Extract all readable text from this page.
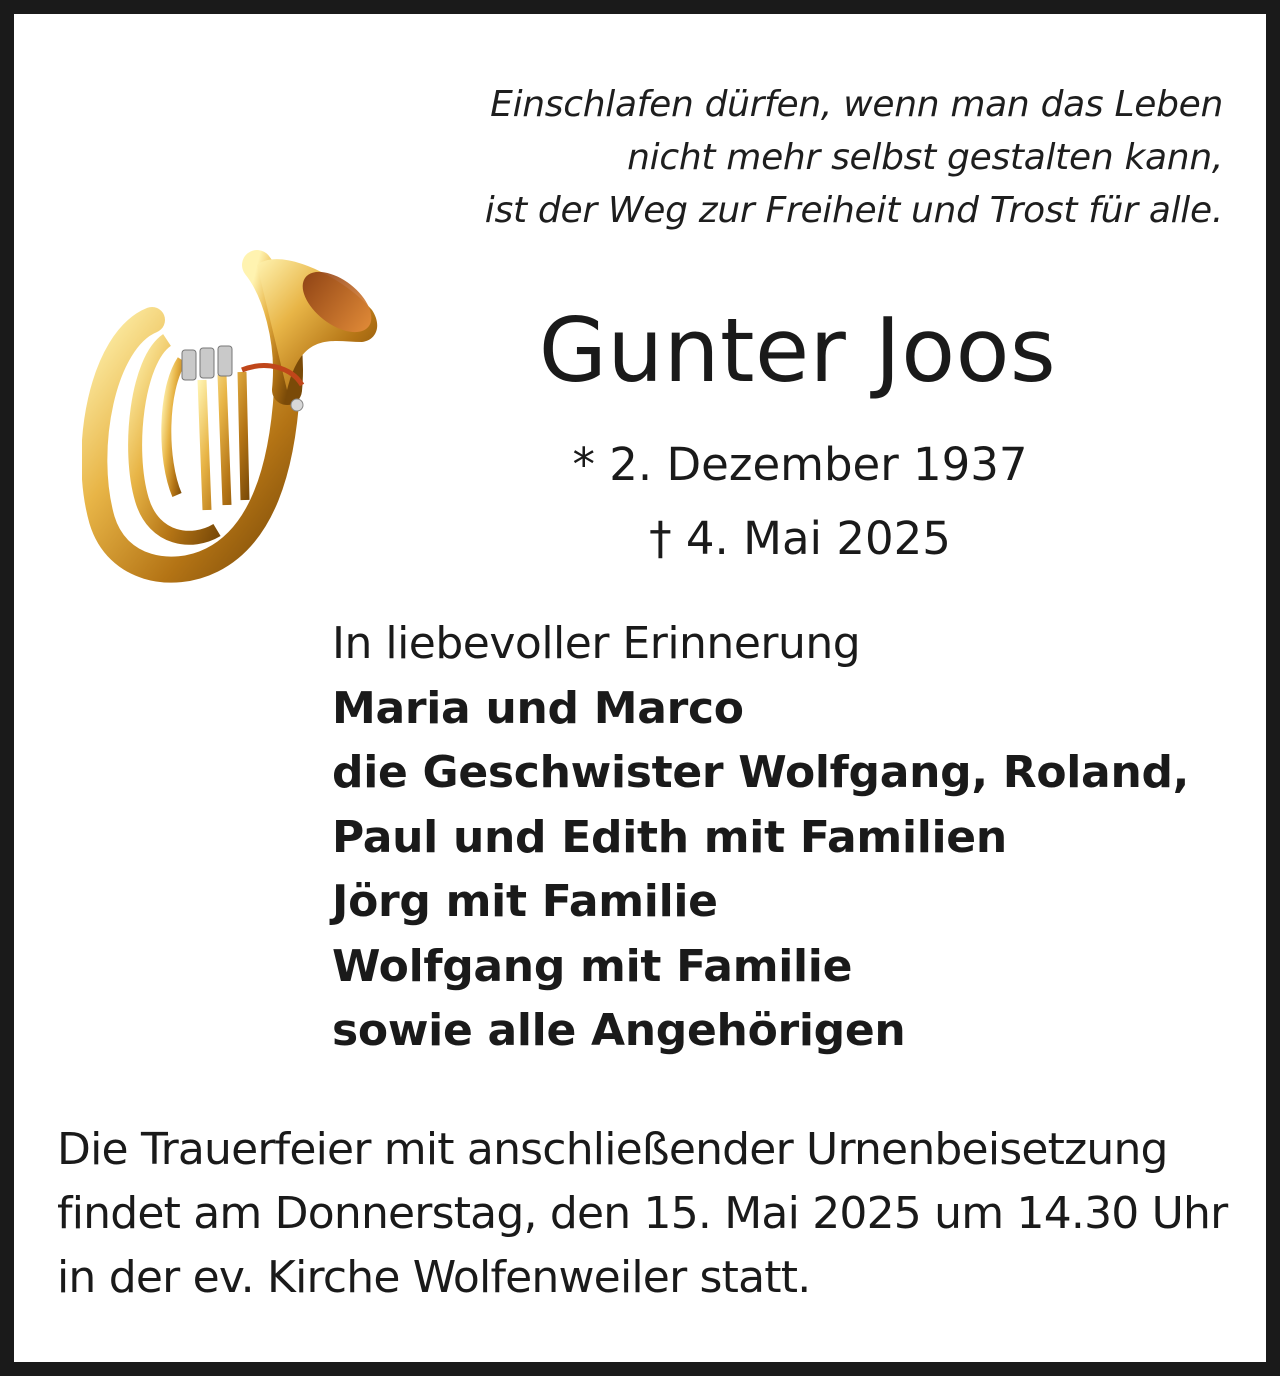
Einschlafen dürfen, wenn man das Leben
nicht mehr selbst gestalten kann,
ist der Weg zur Freiheit und Trost für alle.
Gunter Joos
* 2. Dezember 1937
† 4. Mai 2025
In liebevoller Erinnerung
Maria und Marco
die Geschwister Wolfgang, Roland,
Paul und Edith mit Familien
Jörg mit Familie
Wolfgang mit Familie
sowie alle Angehörigen
Die Trauerfeier mit anschließender Urnenbeisetzung
findet am Donnerstag, den 15. Mai 2025 um 14.30 Uhr
in der ev. Kirche Wolfenweiler statt.
